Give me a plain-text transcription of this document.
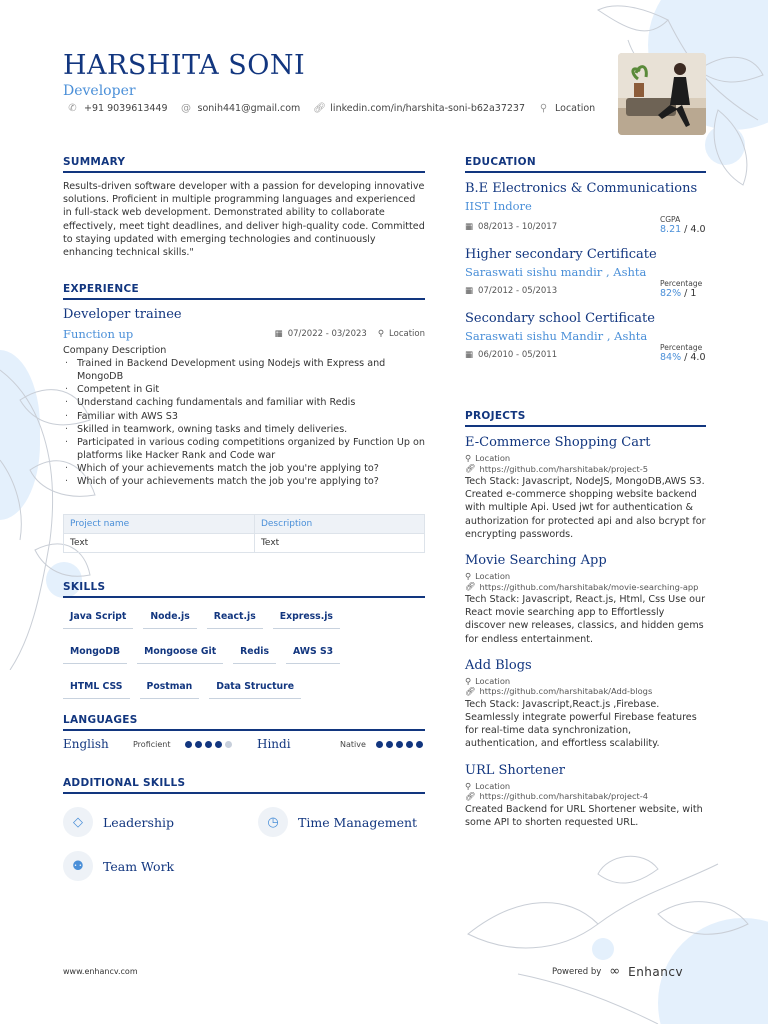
HARSHITA SONI
Developer
✆ +91 9039613449 @ sonih441@gmail.com 🔗︎ linkedin.com/in/harshita-soni-b62a37237 ⚲ Location
SUMMARY

Results-driven software developer with a passion for developing innovative solutions. Proficient in multiple programming languages and experienced in full-stack web development. Demonstrated ability to collaborate effectively, meet tight deadlines, and deliver high-quality code. Committed to staying updated with emerging technologies and continuously enhancing technical skills."

EXPERIENCE
Developer trainee
Function up	▦ 07/2022 - 03/2023 ⚲ Location
Company Description
· Trained in Backend Development using Nodejs with Express and MongoDB
· Competent in Git
· Understand caching fundamentals and familiar with Redis
· Familiar with AWS S3
· Skilled in teamwork, owning tasks and timely deliveries.
· Participated in various coding competitions organized by Function Up on platforms like Hacker Rank and Code war
· Which of your achievements match the job you're applying to?
· Which of your achievements match the job you're applying to?
Project name	Description
Text	Text
SKILLS
Java Script	Node.js	React.js	Express.js
MongoDB	Mongoose Git	Redis	AWS S3
HTML CSS	Postman	Data Structure
LANGUAGES
English	Proficient	Hindi	Native
ADDITIONAL SKILLS
◇	Leadership	◷	Time Management
⚉	Team Work
EDUCATION
B.E Electronics & Communications
IIST Indore
▦ 08/2013 - 10/2017
CGPA
8.21 / 4.0
Higher secondary Certificate
Saraswati sishu mandir , Ashta
▦ 07/2012 - 05/2013
Percentage
82% / 1
Secondary school Certificate
Saraswati sishu Mandir , Ashta
▦ 06/2010 - 05/2011
Percentage
84% / 4.0
PROJECTS
E-Commerce Shopping Cart
⚲ Location
🔗︎ https://github.com/harshitabak/project-5

Tech Stack: Javascript, NodeJS, MongoDB,AWS S3. Created e-commerce shopping website backend with multiple Api. Used jwt for authentication & authorization for protected api and also bcrypt for encrypting passwords.

Movie Searching App
⚲ Location
🔗︎ https://github.com/harshitabak/movie-searching-app

Tech Stack: Javascript, React.js, Html, Css Use our React movie searching app to Effortlessly discover new releases, classics, and hidden gems for endless entertainment.

Add Blogs
⚲ Location
🔗︎ https://github.com/harshitabak/Add-blogs

Tech Stack: Javascript,React.js ,Firebase. Seamlessly integrate powerful Firebase features for real-time data synchronization, authentication, and effortless scalability.

URL Shortener
⚲ Location
🔗︎ https://github.com/harshitabak/project-4

Created Backend for URL Shortener website, with some API to shorten requested URL.

www.enhancv.com	Powered by ∞ Enhancv
